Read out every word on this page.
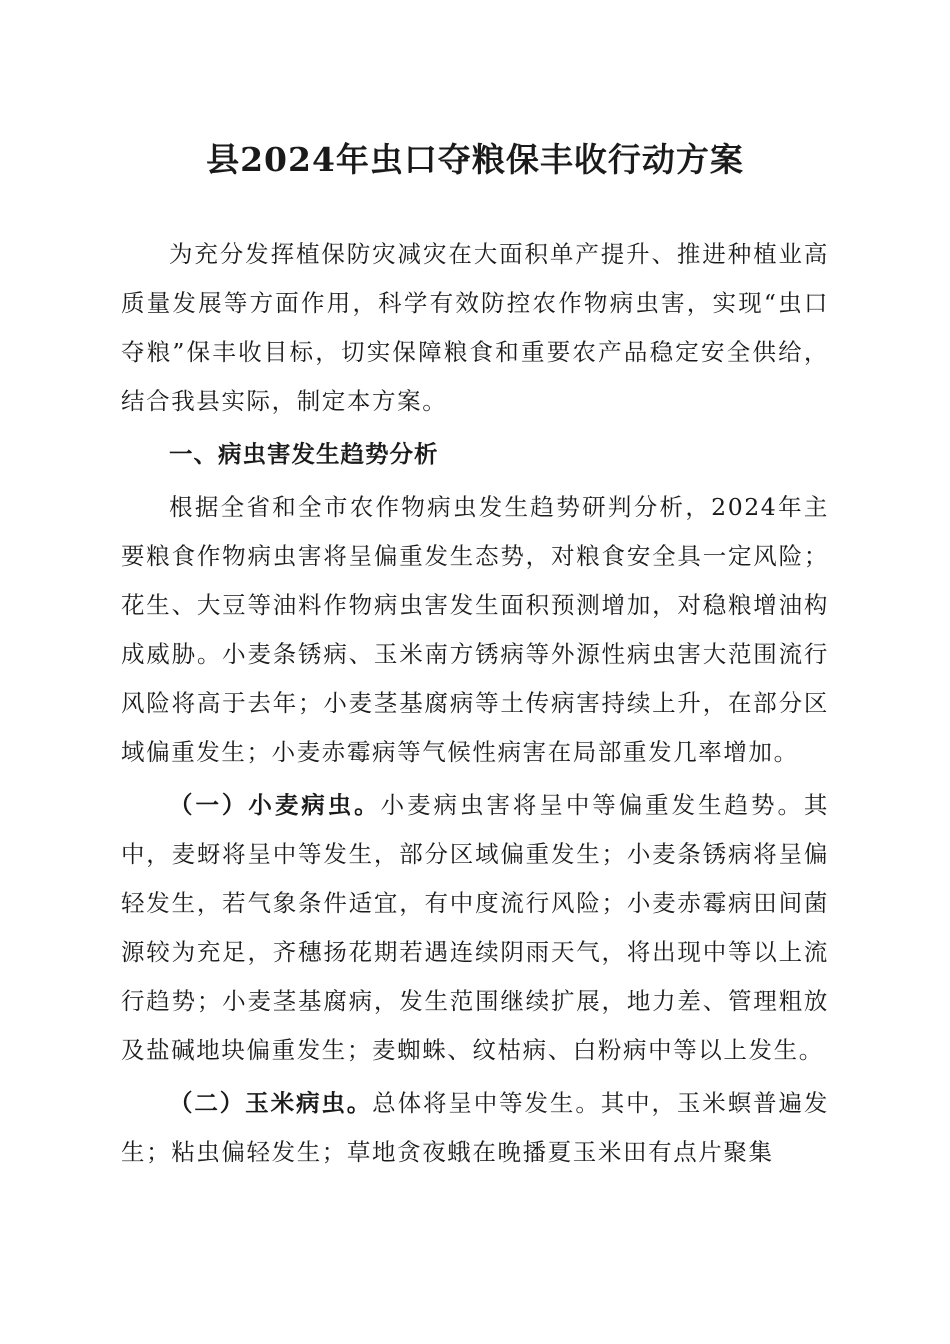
县2024年虫口夺粮保丰收行动方案

为充分发挥植保防灾减灾在大面积单产提升、推进种植业高质量发展等方面作用，科学有效防控农作物病虫害，实现“虫口夺粮”保丰收目标，切实保障粮食和重要农产品稳定安全供给，结合我县实际，制定本方案。

一、病虫害发生趋势分析

根据全省和全市农作物病虫发生趋势研判分析，2024年主要粮食作物病虫害将呈偏重发生态势，对粮食安全具一定风险；花生、大豆等油料作物病虫害发生面积预测增加，对稳粮增油构成威胁。小麦条锈病、玉米南方锈病等外源性病虫害大范围流行风险将高于去年；小麦茎基腐病等土传病害持续上升，在部分区域偏重发生；小麦赤霉病等气候性病害在局部重发几率增加。

（一）小麦病虫。小麦病虫害将呈中等偏重发生趋势。其中，麦蚜将呈中等发生，部分区域偏重发生；小麦条锈病将呈偏轻发生，若气象条件适宜，有中度流行风险；小麦赤霉病田间菌源较为充足，齐穗扬花期若遇连续阴雨天气，将出现中等以上流行趋势；小麦茎基腐病，发生范围继续扩展，地力差、管理粗放及盐碱地块偏重发生；麦蜘蛛、纹枯病、白粉病中等以上发生。

（二）玉米病虫。总体将呈中等发生。其中，玉米螟普遍发生；粘虫偏轻发生；草地贪夜蛾在晚播夏玉米田有点片聚集
